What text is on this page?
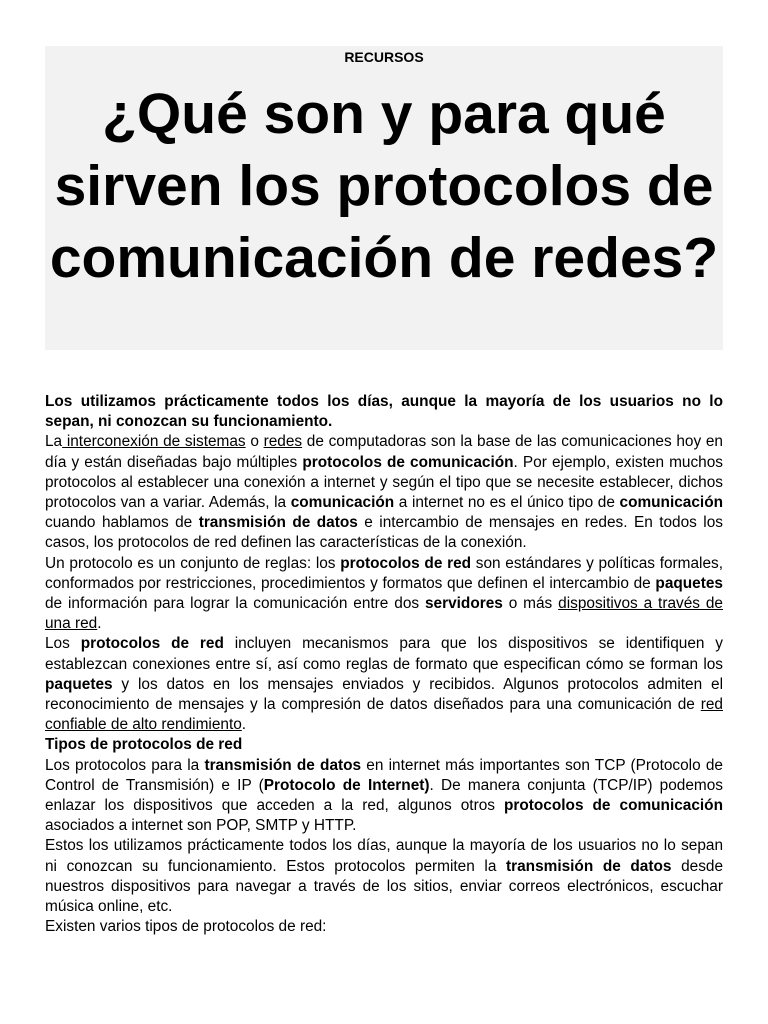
RECURSOS
¿Qué son y para qué sirven los protocolos de comunicación de redes?

Los utilizamos prácticamente todos los días, aunque la mayoría de los usuarios no lo sepan, ni conozcan su funcionamiento.

La interconexión de sistemas o redes de computadoras son la base de las comunicaciones hoy en día y están diseñadas bajo múltiples protocolos de comunicación. Por ejemplo, existen muchos protocolos al establecer una conexión a internet y según el tipo que se necesite establecer, dichos protocolos van a variar. Además, la comunicación a internet no es el único tipo de comunicación cuando hablamos de transmisión de datos e intercambio de mensajes en redes. En todos los casos, los protocolos de red definen las características de la conexión.

Un protocolo es un conjunto de reglas: los protocolos de red son estándares y políticas formales, conformados por restricciones, procedimientos y formatos que definen el intercambio de paquetes de información para lograr la comunicación entre dos servidores o más dispositivos a través de una red.

Los protocolos de red incluyen mecanismos para que los dispositivos se identifiquen y establezcan conexiones entre sí, así como reglas de formato que especifican cómo se forman los paquetes y los datos en los mensajes enviados y recibidos. Algunos protocolos admiten el reconocimiento de mensajes y la compresión de datos diseñados para una comunicación de red confiable de alto rendimiento.

Tipos de protocolos de red

Los protocolos para la transmisión de datos en internet más importantes son TCP (Protocolo de Control de Transmisión) e IP (Protocolo de Internet). De manera conjunta (TCP/IP) podemos enlazar los dispositivos que acceden a la red, algunos otros protocolos de comunicación asociados a internet son POP, SMTP y HTTP.

Estos los utilizamos prácticamente todos los días, aunque la mayoría de los usuarios no lo sepan ni conozcan su funcionamiento. Estos protocolos permiten la transmisión de datos desde nuestros dispositivos para navegar a través de los sitios, enviar correos electrónicos, escuchar música online, etc.

Existen varios tipos de protocolos de red:
